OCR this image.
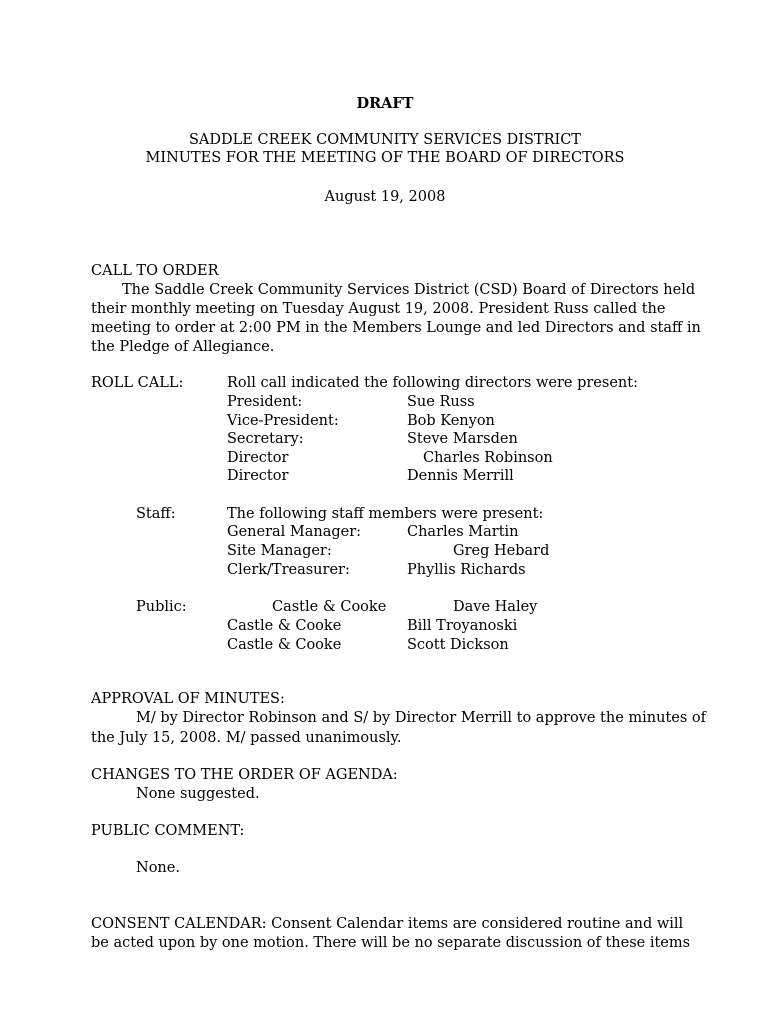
DRAFT
SADDLE CREEK COMMUNITY SERVICES DISTRICT
MINUTES FOR THE MEETING OF THE BOARD OF DIRECTORS
August 19, 2008
CALL TO ORDER
The Saddle Creek Community Services District (CSD) Board of Directors held
their monthly meeting on Tuesday August 19, 2008. President Russ called the
meeting to order at 2:00 PM in the Members Lounge and led Directors and staff in
the Pledge of Allegiance.
ROLL CALL:	Roll call indicated the following directors were present:
President:	Sue Russ
Vice-President:	Bob Kenyon
Secretary:	Steve Marsden
Director	Charles Robinson
Director	Dennis Merrill
Staff:	The following staff members were present:
General Manager:	Charles Martin
Site Manager:	Greg Hebard
Clerk/Treasurer:	Phyllis Richards
Public:	Castle & Cooke	Dave Haley
Castle & Cooke	Bill Troyanoski
Castle & Cooke	Scott Dickson
APPROVAL OF MINUTES:
M/ by Director Robinson and S/ by Director Merrill to approve the minutes of
the July 15, 2008. M/ passed unanimously.
CHANGES TO THE ORDER OF AGENDA:
None suggested.
PUBLIC COMMENT:
None.
CONSENT CALENDAR: Consent Calendar items are considered routine and will
be acted upon by one motion. There will be no separate discussion of these items
